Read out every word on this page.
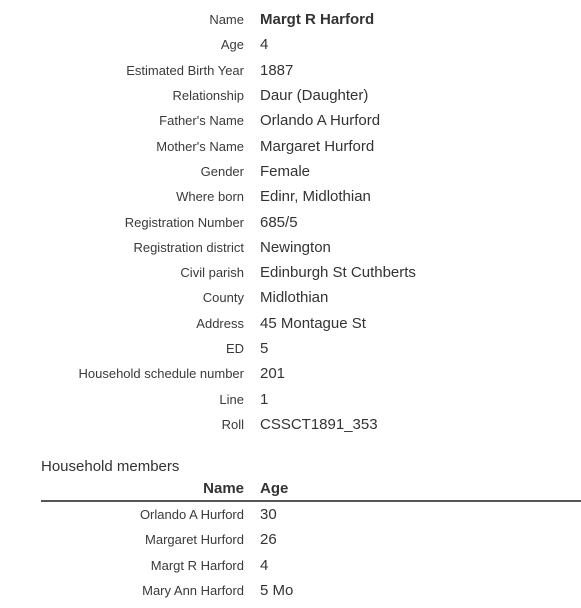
Name	Margt R Harford
Age	4
Estimated Birth Year	1887
Relationship	Daur (Daughter)
Father's Name	Orlando A Hurford
Mother's Name	Margaret Hurford
Gender	Female
Where born	Edinr, Midlothian
Registration Number	685/5
Registration district	Newington
Civil parish	Edinburgh St Cuthberts
County	Midlothian
Address	45 Montague St
ED	5
Household schedule number	201
Line	1
Roll	CSSCT1891_353
Household members
Name	Age
Orlando A Hurford	30
Margaret Hurford	26
Margt R Harford	4
Mary Ann Harford	5 Mo
